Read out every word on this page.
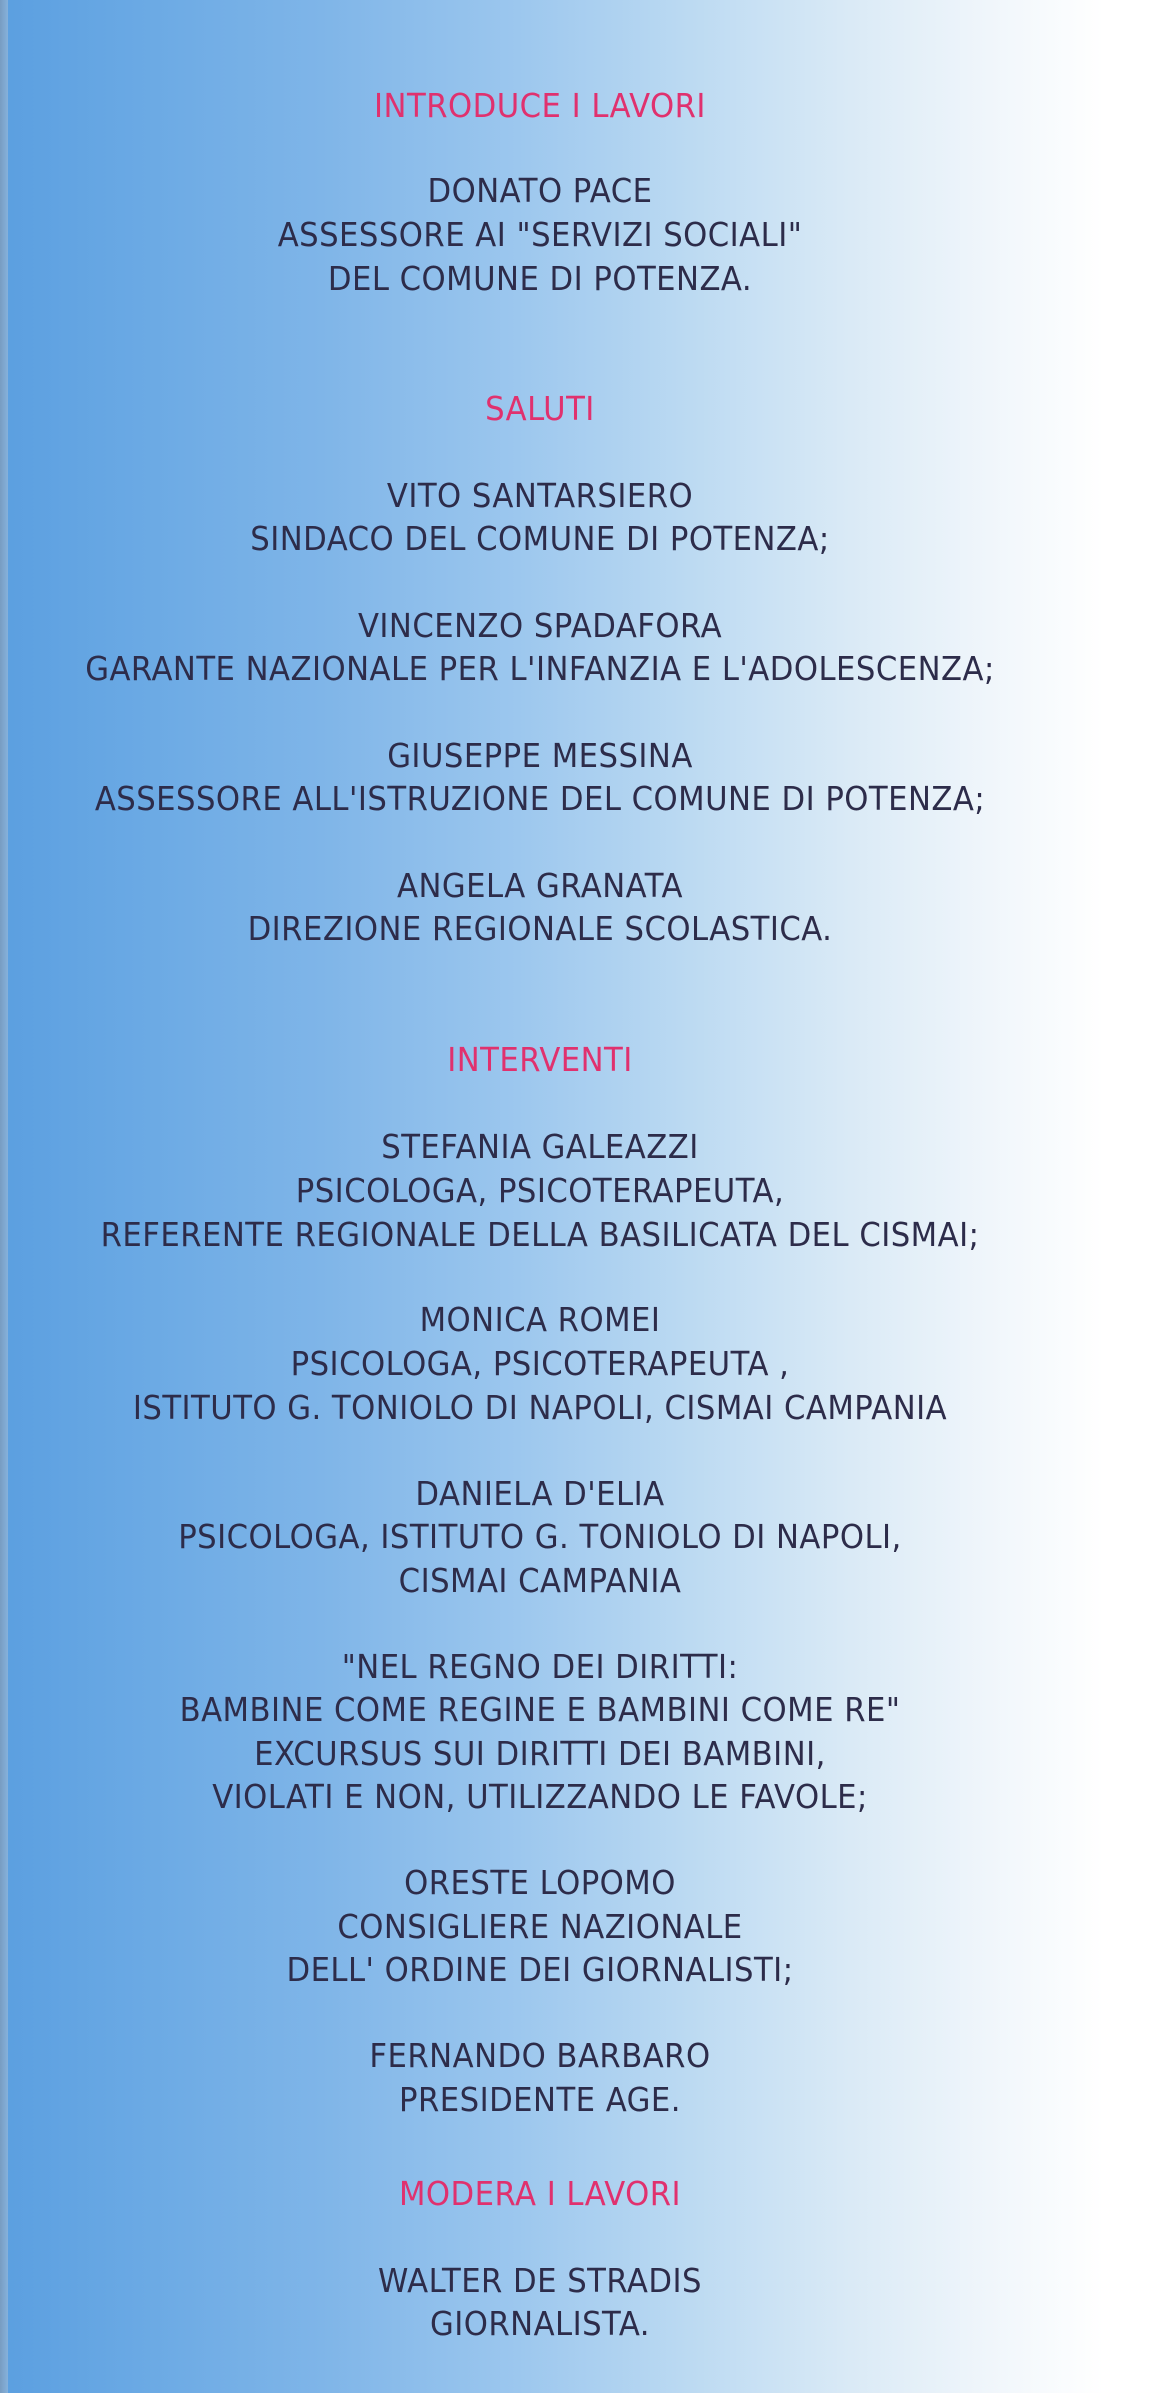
INTRODUCE I LAVORI
DONATO PACE
ASSESSORE AI "SERVIZI SOCIALI"
DEL COMUNE DI POTENZA.
SALUTI
VITO SANTARSIERO
SINDACO DEL COMUNE DI POTENZA;
VINCENZO SPADAFORA
GARANTE NAZIONALE PER L'INFANZIA E L'ADOLESCENZA;
GIUSEPPE MESSINA
ASSESSORE ALL'ISTRUZIONE DEL COMUNE DI POTENZA;
ANGELA GRANATA
DIREZIONE REGIONALE SCOLASTICA.
INTERVENTI
STEFANIA GALEAZZI
PSICOLOGA, PSICOTERAPEUTA,
REFERENTE REGIONALE DELLA BASILICATA DEL CISMAI;
MONICA ROMEI
PSICOLOGA, PSICOTERAPEUTA ,
ISTITUTO G. TONIOLO DI NAPOLI, CISMAI CAMPANIA
DANIELA D'ELIA
PSICOLOGA, ISTITUTO G. TONIOLO DI NAPOLI,
CISMAI CAMPANIA
"NEL REGNO DEI DIRITTI:
BAMBINE COME REGINE E BAMBINI COME RE"
EXCURSUS SUI DIRITTI DEI BAMBINI,
VIOLATI E NON, UTILIZZANDO LE FAVOLE;
ORESTE LOPOMO
CONSIGLIERE NAZIONALE
DELL' ORDINE DEI GIORNALISTI;
FERNANDO BARBARO
PRESIDENTE AGE.
MODERA I LAVORI
WALTER DE STRADIS
GIORNALISTA.
